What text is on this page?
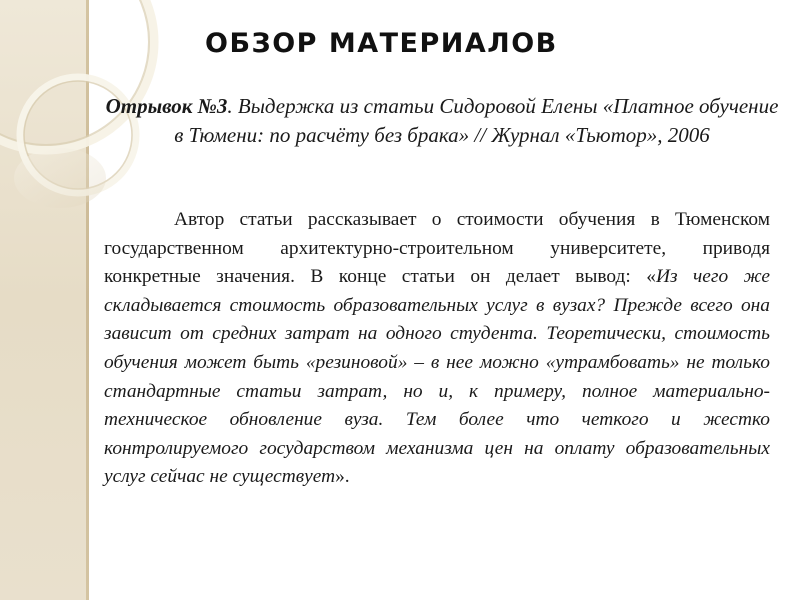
ОБЗОР МАТЕРИАЛОВ
Отрывок №3. Выдержка из статьи Сидоровой Елены «Платное обучение в Тюмени: по расчёту без брака» // Журнал «Тьютор», 2006
Автор статьи рассказывает о стоимости обучения в Тюменском государственном архитектурно-строительном университете, приводя конкретные значения. В конце статьи он делает вывод: «Из чего же складывается стоимость образовательных услуг в вузах? Прежде всего она зависит от средних затрат на одного студента. Теоретически, стоимость обучения может быть «резиновой» – в нее можно «утрамбовать» не только стандартные статьи затрат, но и, к примеру, полное материально-техническое обновление вуза. Тем более что четкого и жестко контролируемого государством механизма цен на оплату образовательных услуг сейчас не существует».
